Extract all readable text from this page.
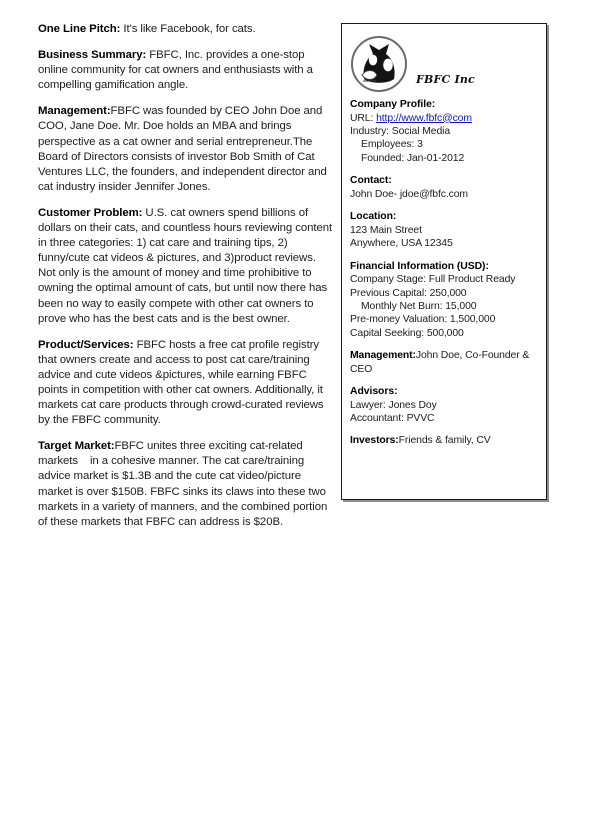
FBFC Inc
Company Profile:
URL: http://www.fbfc@com
Industry: Social Media
Employees: 3
Founded: Jan-01-2012
Contact:
John Doe- jdoe@fbfc.com
Location:
123 Main Street
Anywhere, USA 12345
Financial Information (USD):
Company Stage: Full Product Ready
Previous Capital: 250,000
Monthly Net Burn: 15,000
Pre-money Valuation: 1,500,000
Capital Seeking: 500,000
Management:John Doe, Co-Founder & CEO
Advisors:
Lawyer: Jones Doy
Accountant: PVVC
Investors:Friends & family, CV

One Line Pitch: It's like Facebook, for cats.

Business Summary: FBFC, Inc. provides a one-stop online community for cat owners and enthusiasts with a compelling gamification angle.

Management:FBFC was founded by CEO John Doe and COO, Jane Doe. Mr. Doe holds an MBA and brings perspective as a cat owner and serial entrepreneur.The Board of Directors consists of investor Bob Smith of Cat Ventures LLC, the founders, and independent director and cat industry insider Jennifer Jones.

Customer Problem: U.S. cat owners spend billions of dollars on their cats, and countless hours reviewing content in three categories: 1) cat care and training tips, 2) funny/cute cat videos & pictures, and 3)product reviews. Not only is the amount of money and time prohibitive to owning the optimal amount of cats, but until now there has been no way to easily compete with other cat owners to prove who has the best cats and is the best owner.

Product/Services: FBFC hosts a free cat profile registry that owners create and access to post cat care/training advice and cute videos &pictures, while earning FBFC points in competition with other cat owners. Additionally, it markets cat care products through crowd-curated reviews by the FBFC community.

Target Market:FBFC unites three exciting cat-related markets in a cohesive manner. The cat care/training advice market is $1.3B and the cute cat video/picture market is over $150B. FBFC sinks its claws into these two markets in a variety of manners, and the combined portion of these markets that FBFC can address is $20B.
